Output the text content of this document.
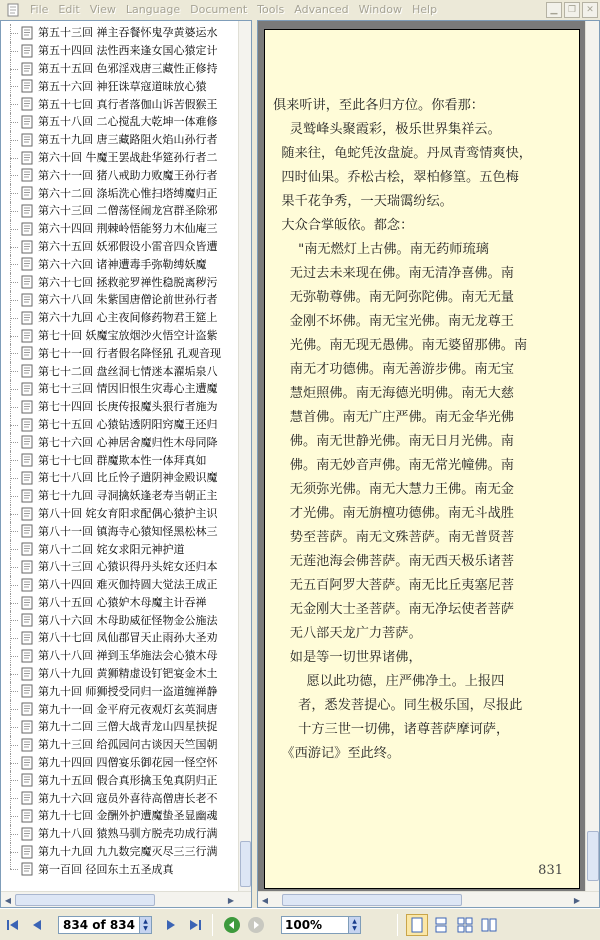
File Edit View Language Document Tools Advanced Window Help	▁	❐	✕
第五十三回 禅主吞餐怀鬼孕黄婆运水
第五十四回 法性西来逢女国心猿定计
第五十五回 色邪淫戏唐三藏性正修持
第五十六回 神狂诛草寇道昧放心猿
第五十七回 真行者落伽山诉苦假猴王
第五十八回 二心搅乱大乾坤一体难修
第五十九回 唐三藏路阻火焰山孙行者
第六十回 牛魔王罢战赴华筵孙行者二
第六十一回 猪八戒助力败魔王孙行者
第六十二回 涤垢洗心惟扫塔缚魔归正
第六十三回 二僧荡怪闹龙宫群圣除邪
第六十四回 荆棘岭悟能努力木仙庵三
第六十五回 妖邪假设小雷音四众皆遭
第六十六回 诸神遭毒手弥勒缚妖魔
第六十七回 拯救驼罗禅性稳脱离秽污
第六十八回 朱紫国唐僧论前世孙行者
第六十九回 心主夜间修药物君王筵上
第七十回 妖魔宝放烟沙火悟空计盗紫
第七十一回 行者假名降怪犼 孔观音现
第七十二回 盘丝洞七情迷本濯垢泉八
第七十三回 情因旧恨生灾毒心主遭魔
第七十四回 长庚传报魔头狠行者施为
第七十五回 心猿钻透阴阳窍魔王还归
第七十六回 心神居舍魔归性木母同降
第七十七回 群魔欺本性一体拜真如
第七十八回 比丘怜子遣阴神金殿识魔
第七十九回 寻洞擒妖逢老寿当朝正主
第八十回 姹女育阳求配偶心猿护主识
第八十一回 镇海寺心猿知怪黑松林三
第八十二回 姹女求阳元神护道
第八十三回 心猿识得丹头姹女还归本
第八十四回 难灭伽持圆大觉法王成正
第八十五回 心猿妒木母魔主计吞禅
第八十六回 木母助威征怪物金公施法
第八十七回 凤仙郡冒天止雨孙大圣劝
第八十八回 禅到玉华施法会心猿木母
第八十九回 黄狮精虚设钉钯宴金木土
第九十回 师狮授受同归一盗道缠禅静
第九十一回 金平府元夜观灯玄英洞唐
第九十二回 三僧大战青龙山四星挟捉
第九十三回 给孤园问古谈因天竺国朝
第九十四回 四僧宴乐御花园一怪空怀
第九十五回 假合真形擒玉兔真阴归正
第九十六回 寇员外喜待高僧唐长老不
第九十七回 金酬外护遭魔蛰圣显幽魂
第九十八回 猿熟马驯方脱壳功成行满
第九十九回 九九数完魔灭尽三三行满
第一百回 径回东土五圣成真
◀	▶
俱来听讲，至此各归方位。你看那：
灵鹫峰头聚霞彩，极乐世界集祥云。
随来往，龟蛇凭汝盘旋。丹凤青鸾情爽快，
四时仙果。乔松古桧，翠柏修篁。五色梅
果千花争秀，一天瑞霭纷纭。
大众合掌皈依。都念：
"南无燃灯上古佛。南无药师琉璃
无过去未来现在佛。南无清净喜佛。南
无弥勒尊佛。南无阿弥陀佛。南无无量
金刚不坏佛。南无宝光佛。南无龙尊王
光佛。南无现无愚佛。南无婆留那佛。南
南无才功德佛。南无善游步佛。南无宝
慧炬照佛。南无海德光明佛。南无大慈
慧首佛。南无广庄严佛。南无金华光佛
佛。南无世静光佛。南无日月光佛。南
佛。南无妙音声佛。南无常光幢佛。南
无须弥光佛。南无大慧力王佛。南无金
才光佛。南无旃檀功德佛。南无斗战胜
势至菩萨。南无文殊菩萨。南无普贤菩
无莲池海会佛菩萨。南无西天极乐诸菩
无五百阿罗大菩萨。南无比丘夷塞尼菩
无金刚大士圣菩萨。南无净坛使者菩萨
无八部天龙广力菩萨。
如是等一切世界诸佛，
愿以此功德，庄严佛净土。上报四
者，悉发菩提心。同生极乐国，尽报此
十方三世一切佛，诸尊菩萨摩诃萨，
《西游记》至此终。
831
◀	▶
834 of 834 ▲
▼	100%	▲
▼
